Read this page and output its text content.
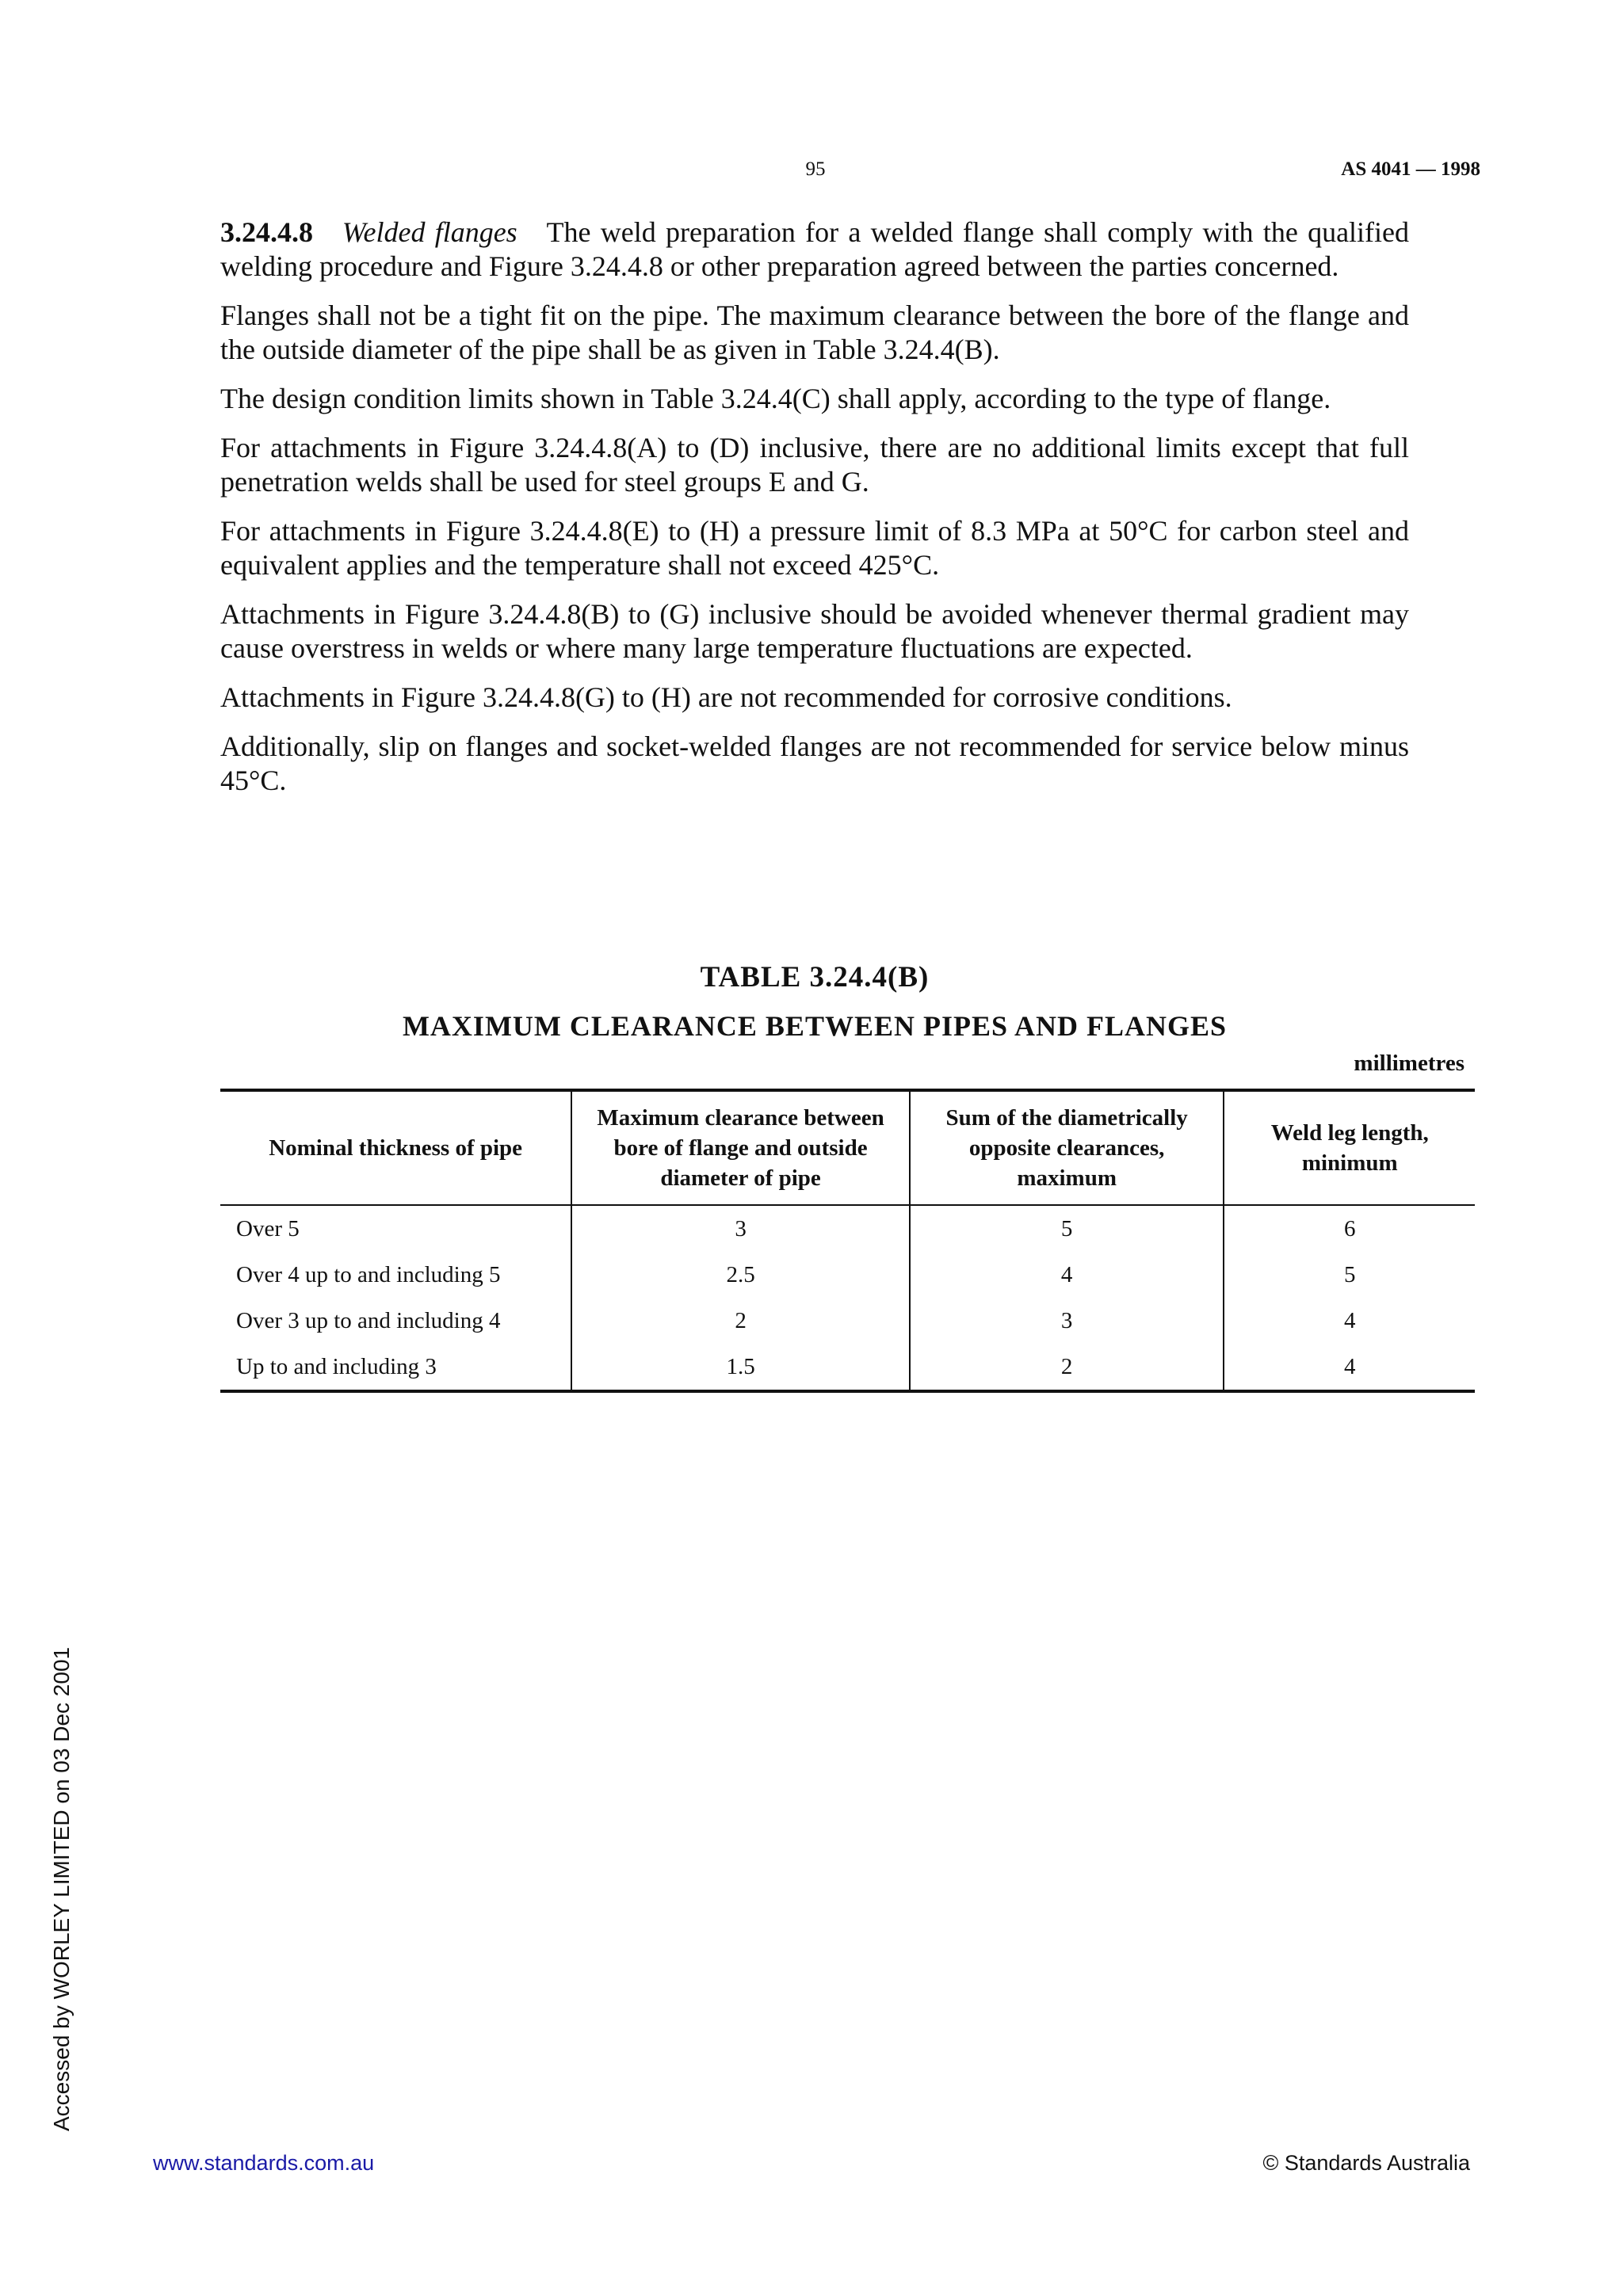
95	AS 4041 — 1998

3.24.4.8 Welded flanges The weld preparation for a welded flange shall comply with the qualified welding procedure and Figure 3.24.4.8 or other preparation agreed between the parties concerned.

Flanges shall not be a tight fit on the pipe. The maximum clearance between the bore of the flange and the outside diameter of the pipe shall be as given in Table 3.24.4(B).

The design condition limits shown in Table 3.24.4(C) shall apply, according to the type of flange.

For attachments in Figure 3.24.4.8(A) to (D) inclusive, there are no additional limits except that full penetration welds shall be used for steel groups E and G.

For attachments in Figure 3.24.4.8(E) to (H) a pressure limit of 8.3 MPa at 50°C for carbon steel and equivalent applies and the temperature shall not exceed 425°C.

Attachments in Figure 3.24.4.8(B) to (G) inclusive should be avoided whenever thermal gradient may cause overstress in welds or where many large temperature fluctuations are expected.

Attachments in Figure 3.24.4.8(G) to (H) are not recommended for corrosive conditions.

Additionally, slip on flanges and socket-welded flanges are not recommended for service below minus 45°C.

TABLE 3.24.4(B)
MAXIMUM CLEARANCE BETWEEN PIPES AND FLANGES
millimetres
Nominal thickness of pipe	Maximum clearance between bore of flange and outside diameter of pipe	Sum of the diametrically opposite clearances, maximum	Weld leg length, minimum
Over 5	3	5	6
Over 4 up to and including 5	2.5	4	5
Over 3 up to and including 4	2	3	4
Up to and including 3	1.5	2	4
Accessed by WORLEY LIMITED on 03 Dec 2001
www.standards.com.au	© Standards Australia
